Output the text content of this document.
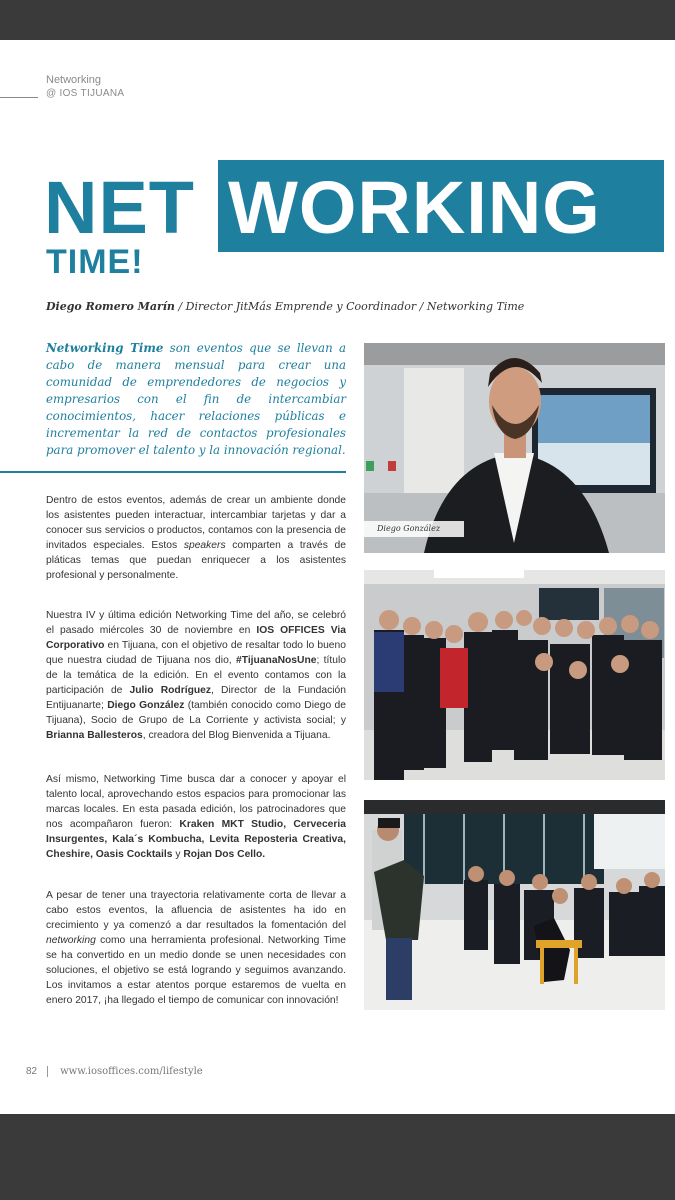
Networking
@ IOS TIJUANA
NET WORKING
TIME!
Diego Romero Marín / Director JitMás Emprende y Coordinador / Networking Time

Networking Time son eventos que se llevan a cabo de manera mensual para crear una comunidad de emprendedores de negocios y empresarios con el fin de intercambiar conocimientos, hacer relaciones públicas e incrementar la red de contactos profesionales para promover el talento y la innovación regional.

Dentro de estos eventos, además de crear un ambiente donde los asistentes pueden interactuar, intercambiar tarjetas y dar a conocer sus servicios o productos, contamos con la presencia de invitados especiales. Estos speakers comparten a través de pláticas temas que puedan enriquecer a los asistentes profesional y personalmente.

Nuestra IV y última edición Networking Time del año, se celebró el pasado miércoles 30 de noviembre en IOS OFFICES Via Corporativo en Tijuana, con el objetivo de resaltar todo lo bueno que nuestra ciudad de Tijuana nos dio, #TijuanaNosUne; título de la temática de la edición. En el evento contamos con la participación de Julio Rodríguez, Director de la Fundación Entijuanarte; Diego González (también conocido como Diego de Tijuana), Socio de Grupo de La Corriente y activista social; y Brianna Ballesteros, creadora del Blog Bienvenida a Tijuana.

Así mismo, Networking Time busca dar a conocer y apoyar el talento local, aprovechando estos espacios para promocionar las marcas locales. En esta pasada edición, los patrocinadores que nos acompañaron fueron: Kraken MKT Studio, Cerveceria Insurgentes, Kala´s Kombucha, Levita Reposteria Creativa, Cheshire, Oasis Cocktails y Rojan Dos Cello.

A pesar de tener una trayectoria relativamente corta de llevar a cabo estos eventos, la afluencia de asistentes ha ido en crecimiento y ya comenzó a dar resultados la fomentación del networking como una herramienta profesional. Networking Time se ha convertido en un medio donde se unen necesidades con soluciones, el objetivo se está logrando y seguimos avanzando. Los invitamos a estar atentos porque estaremos de vuelta en enero 2017, ¡ha llegado el tiempo de comunicar con innovación!

Diego González
82 www.iosoffices.com/lifestyle
